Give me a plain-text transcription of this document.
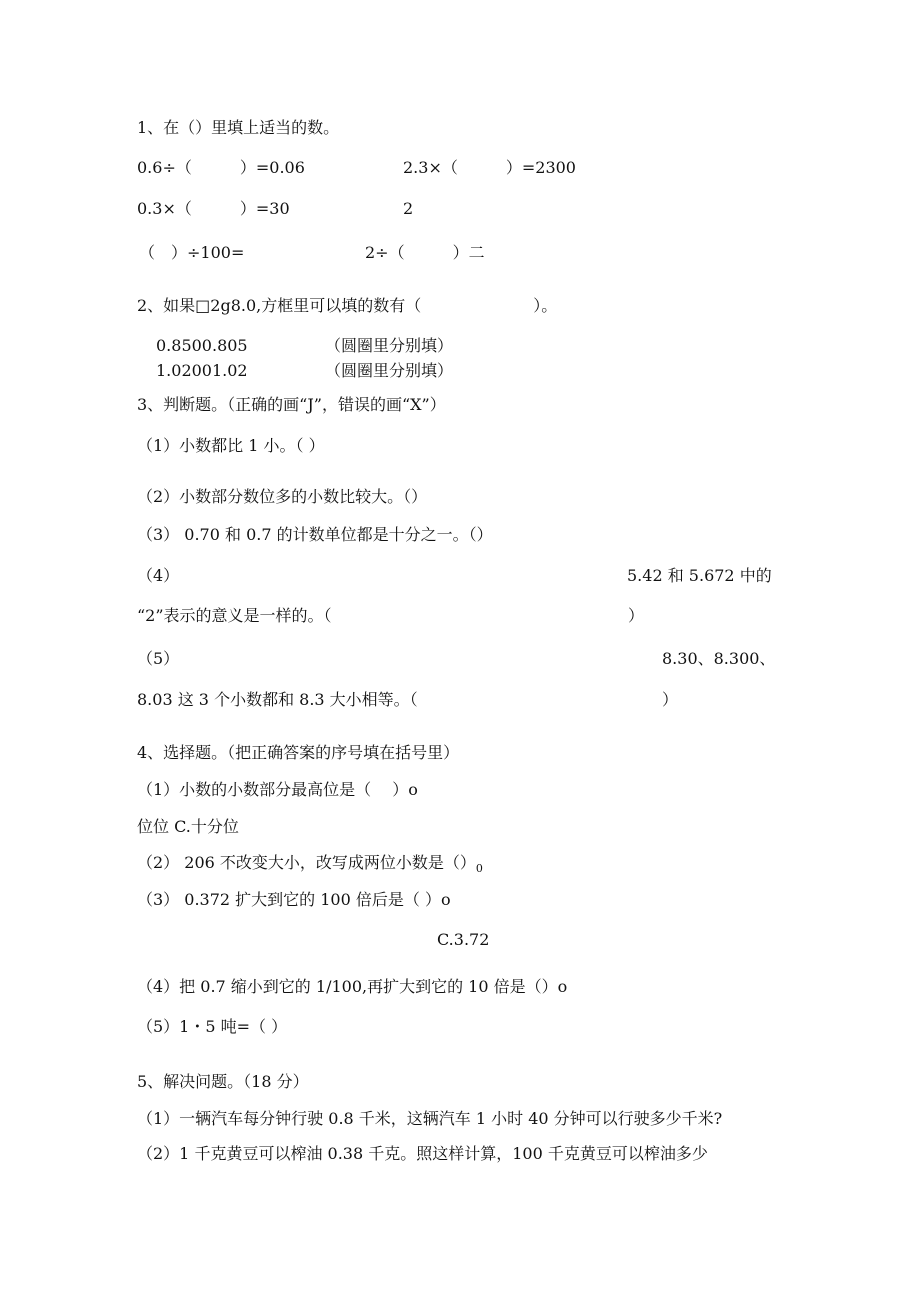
1、在（）里填上适当的数。
0.6÷（　　　）=0.06	2.3×（　　　）=2300
0.3×（　　　）=30	2
（　）÷100=	2÷（　　　）二
2、如果□2g8.0,方框里可以填的数有（　　　　　　　）。
0.8500.805	（圆圈里分别填）
1.02001.02	（圆圈里分别填）
3、判断题。（正确的画“J”，错误的画“X”）
（1）小数都比 1 小。（ ）
（2）小数部分数位多的小数比较大。（）
（3） 0.70 和 0.7 的计数单位都是十分之一。（）
（4）	5.42 和 5.672 中的
“2”表示的意义是一样的。（	）
（5）	8.30、8.300、
8.03 这 3 个小数都和 8.3 大小相等。（	）
4、选择题。（把正确答案的序号填在括号里）
（1）小数的小数部分最高位是（　 ）o
位位 C.十分位
（2） 206 不改变大小，改写成两位小数是$()_0$
（3） 0.372 扩大到它的 100 倍后是（ ）o
C.3.72
（4）把 0.7 缩小到它的 1/100,再扩大到它的 10 倍是（）o
（5）1・5 吨=（ ）
5、解决问题。（18 分）
（1）一辆汽车每分钟行驶 0.8 千米，这辆汽车 1 小时 40 分钟可以行驶多少千米?
（2）1 千克黄豆可以榨油 0.38 千克。照这样计算，100 千克黄豆可以榨油多少
